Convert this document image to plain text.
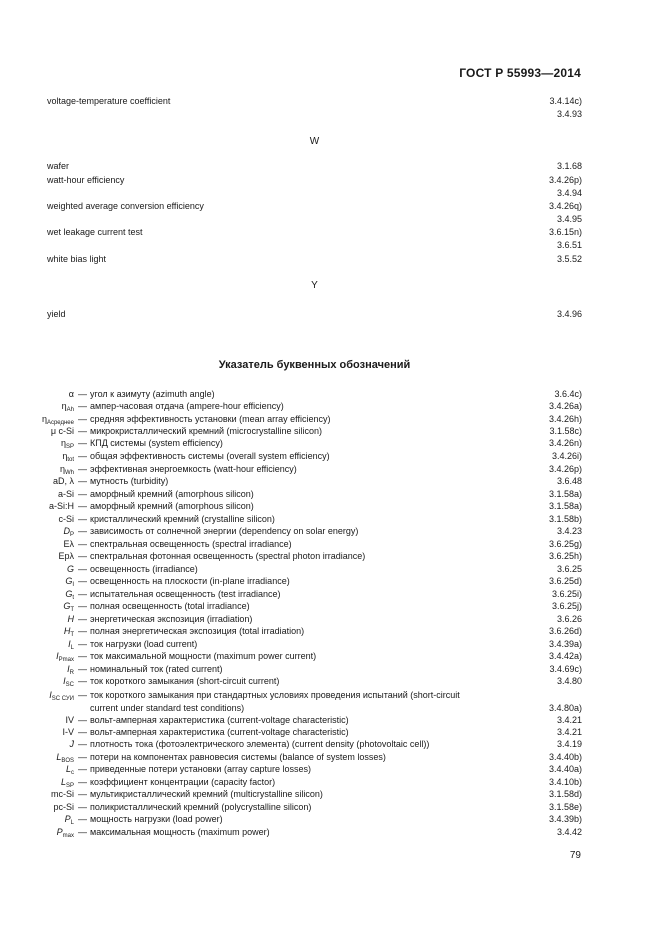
ГОСТ Р 55993—2014
voltage-temperature coefficient	3.4.14c)
3.4.93
W
wafer	3.1.68
watt-hour efficiency	3.4.26p)
3.4.94
weighted average conversion efficiency	3.4.26q)
3.4.95
wet leakage current test	3.6.15n)
3.6.51
white bias light	3.5.52
Y
yield	3.4.96
Указатель буквенных обозначений
α — угол к азимуту (azimuth angle)	3.6.4c)
$\eta_{Ah}$ — ампер-часовая отдача (ampere-hour efficiency)	3.4.26a)
$\eta_{Асреднее}$ — средняя эффективность установки (mean array efficiency)	3.4.26h)
μ c-Si — микрокристаллический кремний (microcrystalline silicon)	3.1.58c)
$\eta_{SP}$ — КПД системы (system efficiency)	3.4.26n)
$\eta_{tot}$ — общая эффективность системы (overall system efficiency)	3.4.26i)
$\eta_{Wh}$ — эффективная энергоемкость (watt-hour efficiency)	3.4.26p)
aD, λ — мутность (turbidity)	3.6.48
a-Si — аморфный кремний (amorphous silicon)	3.1.58a)
a-Si:H — аморфный кремний (amorphous silicon)	3.1.58a)
c-Si — кристаллический кремний (crystalline silicon)	3.1.58b)
$D_P$ — зависимость от солнечной энергии (dependency on solar energy)	3.4.23
Eλ — спектральная освещенность (spectral irradiance)	3.6.25g)
Epλ — спектральная фотонная освещенность (spectral photon irradiance)	3.6.25h)
G — освещенность (irradiance)	3.6.25
$G_I$ — освещенность на плоскости (in-plane irradiance)	3.6.25d)
$G_t$ — испытательная освещенность (test irradiance)	3.6.25i)
$G_T$ — полная освещенность (total irradiance)	3.6.25j)
H — энергетическая экспозиция (irradiation)	3.6.26
$H_T$ — полная энергетическая экспозиция (total irradiation)	3.6.26d)
$I_L$ — ток нагрузки (load current)	3.4.39a)
$I_{Pmax}$ — ток максимальной мощности (maximum power current)	3.4.42a)
$I_R$ — номинальный ток (rated current)	3.4.69c)
$I_{SC}$ — ток короткого замыкания (short-circuit current)	3.4.80
$I_{SC СУИ}$ — ток короткого замыкания при стандартных условиях проведения испытаний (short-circuit
current under standard test conditions)	3.4.80a)
IV — вольт-амперная характеристика (current-voltage characteristic)	3.4.21
I-V — вольт-амперная характеристика (current-voltage characteristic)	3.4.21
J — плотность тока (фотоэлектрического элемента) (current density (photovoltaic cell))	3.4.19
$L_{BOS}$ — потери на компонентах равновесия системы (balance of system losses)	3.4.40b)
$L_c$ — приведенные потери установки (array capture losses)	3.4.40a)
$L_{SP}$ — коэффициент концентрации (capacity factor)	3.4.10b)
mc-Si — мультикристаллический кремний (multicrystalline silicon)	3.1.58d)
pc-Si — поликристаллический кремний (polycrystalline silicon)	3.1.58e)
$P_L$ — мощность нагрузки (load power)	3.4.39b)
$P_{max}$ — максимальная мощность (maximum power)	3.4.42
79
